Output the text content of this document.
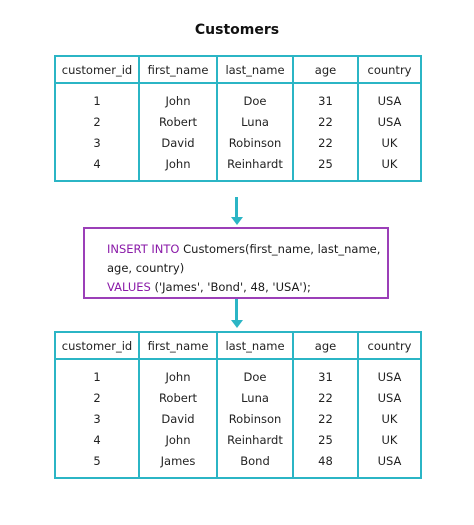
Customers
customer_id	first_name	last_name	age	country
1	John	Doe	31	USA
2	Robert	Luna	22	USA
3	David	Robinson	22	UK
4	John	Reinhardt	25	UK
INSERT INTO Customers(first_name, last_name,
age, country)
VALUES ('James', 'Bond', 48, 'USA');
customer_id	first_name	last_name	age	country
1	John	Doe	31	USA
2	Robert	Luna	22	USA
3	David	Robinson	22	UK
4	John	Reinhardt	25	UK
5	James	Bond	48	USA
